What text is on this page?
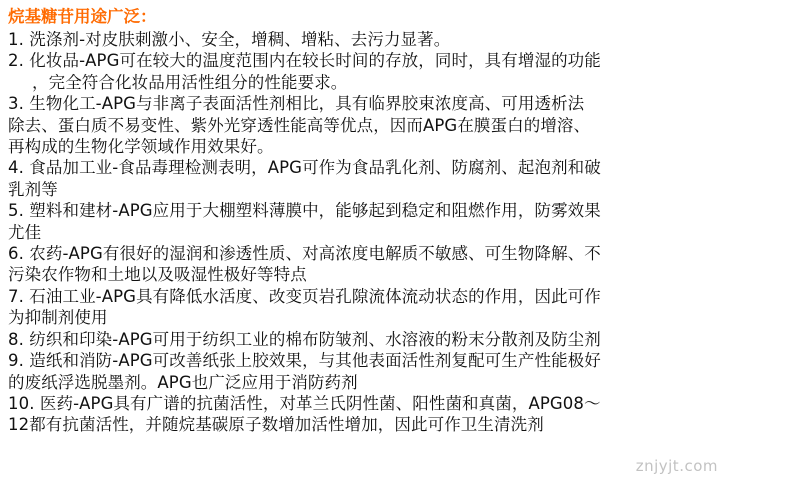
烷基糖苷用途广泛：
1. 洗涤剂-对皮肤刺激小、安全，增稠、增粘、去污力显著。
2. 化妆品-APG可在较大的温度范围内在较长时间的存放，同时，具有增湿的功能
，完全符合化妆品用活性组分的性能要求。
3. 生物化工-APG与非离子表面活性剂相比，具有临界胶束浓度高、可用透析法
除去、蛋白质不易变性、紫外光穿透性能高等优点，因而APG在膜蛋白的增溶、
再构成的生物化学领域作用效果好。
4. 食品加工业-食品毒理检测表明，APG可作为食品乳化剂、防腐剂、起泡剂和破
乳剂等
5. 塑料和建材-APG应用于大棚塑料薄膜中，能够起到稳定和阻燃作用，防雾效果
尤佳
6. 农药-APG有很好的湿润和渗透性质、对高浓度电解质不敏感、可生物降解、不
污染农作物和土地以及吸湿性极好等特点
7. 石油工业-APG具有降低水活度、改变页岩孔隙流体流动状态的作用，因此可作
为抑制剂使用
8. 纺织和印染-APG可用于纺织工业的棉布防皱剂、水溶液的粉末分散剂及防尘剂
9. 造纸和消防-APG可改善纸张上胶效果，与其他表面活性剂复配可生产性能极好
的废纸浮选脱墨剂。APG也广泛应用于消防药剂
10. 医药-APG具有广谱的抗菌活性，对革兰氏阴性菌、阳性菌和真菌，APG08～
12都有抗菌活性，并随烷基碳原子数增加活性增加，因此可作卫生清洗剂
znjyjt.com
